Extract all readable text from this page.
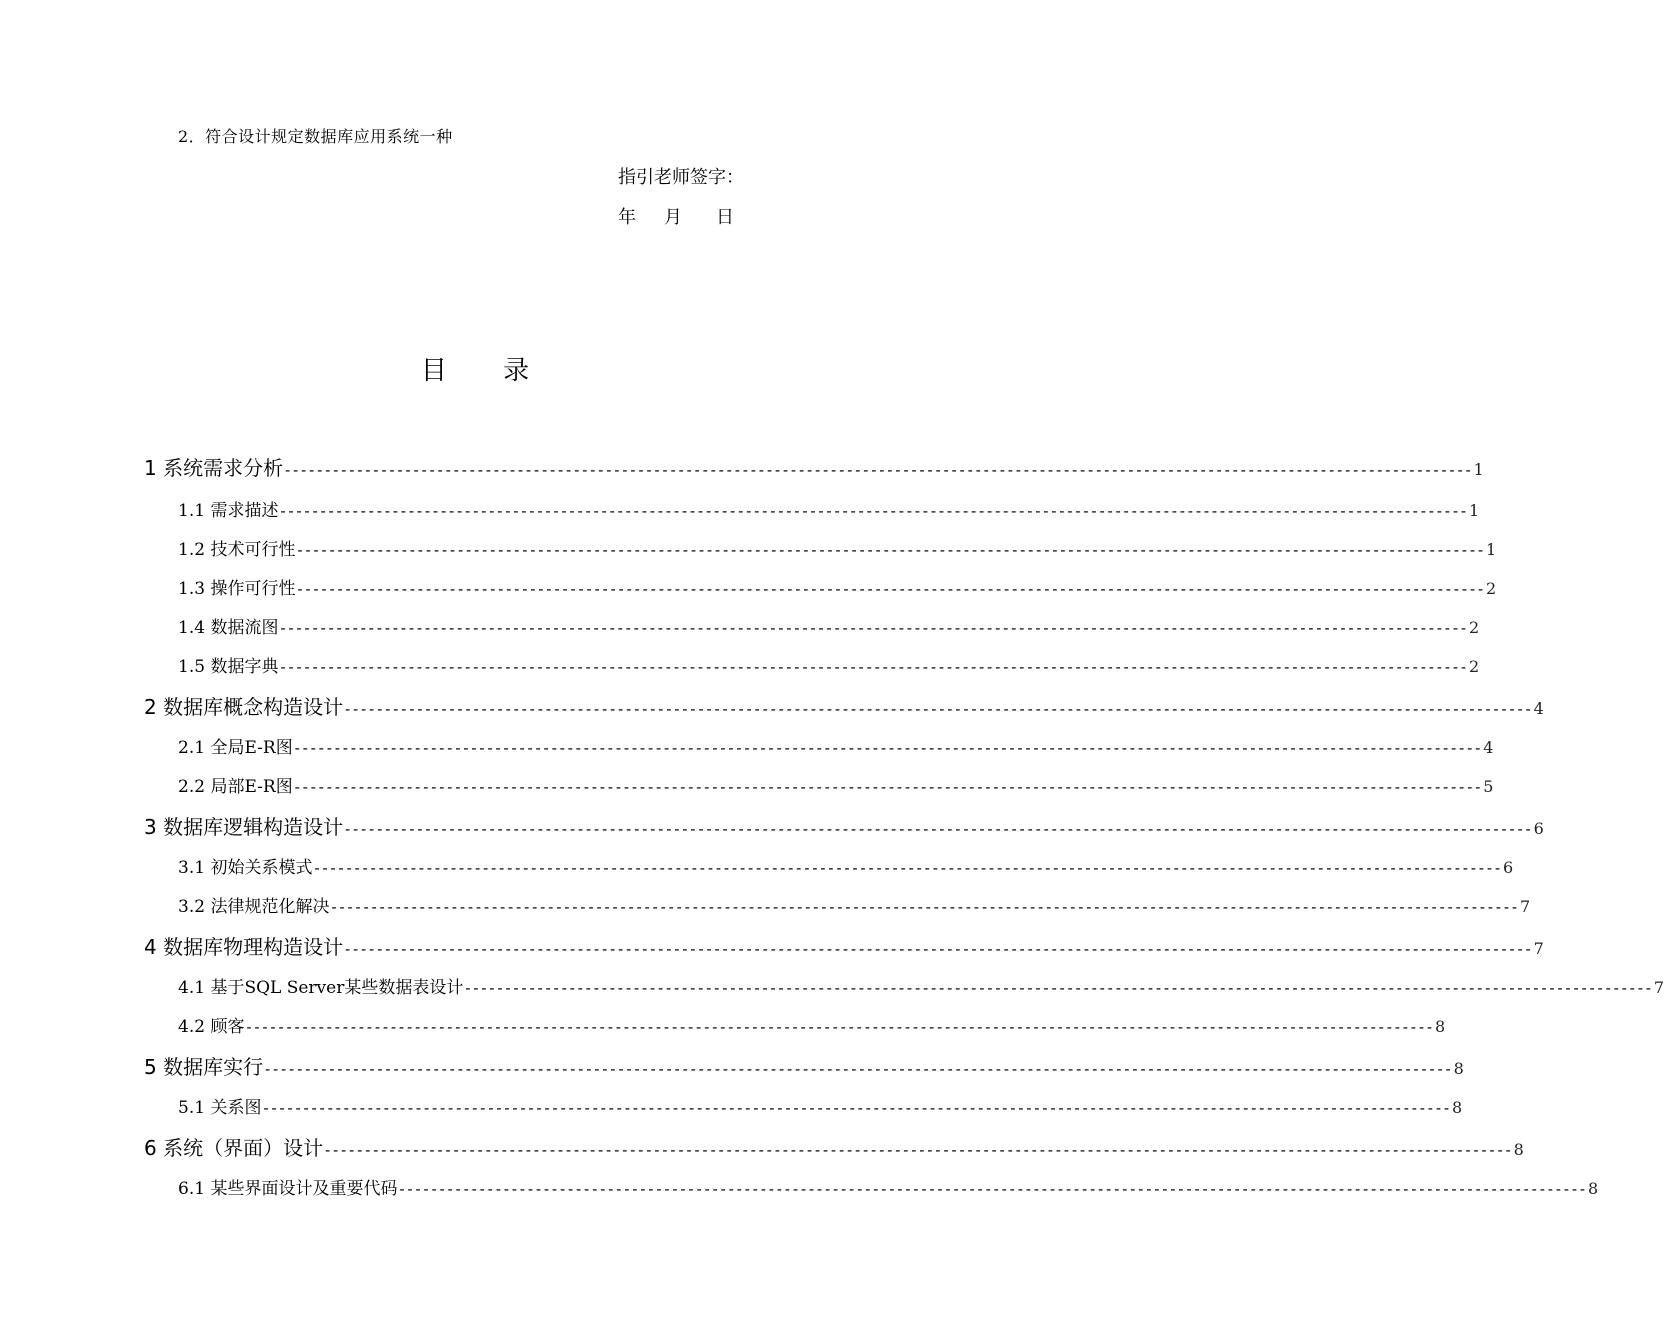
2．符合设计规定数据库应用系统一种
指引老师签字：
年	月	日
目 录
1 系统需求分析 ---------------------------------------------------------------------------------------------------------------------------------------------------- 1
1.1 需求描述 ---------------------------------------------------------------------------------------------------------------------------------------------------- 1
1.2 技术可行性 ---------------------------------------------------------------------------------------------------------------------------------------------------- 1
1.3 操作可行性 ---------------------------------------------------------------------------------------------------------------------------------------------------- 2
1.4 数据流图 ---------------------------------------------------------------------------------------------------------------------------------------------------- 2
1.5 数据字典 ---------------------------------------------------------------------------------------------------------------------------------------------------- 2
2 数据库概念构造设计 ---------------------------------------------------------------------------------------------------------------------------------------------------- 4
2.1 全局E-R图 ---------------------------------------------------------------------------------------------------------------------------------------------------- 4
2.2 局部E-R图 ---------------------------------------------------------------------------------------------------------------------------------------------------- 5
3 数据库逻辑构造设计 ---------------------------------------------------------------------------------------------------------------------------------------------------- 6
3.1 初始关系模式 ---------------------------------------------------------------------------------------------------------------------------------------------------- 6
3.2 法律规范化解决 ---------------------------------------------------------------------------------------------------------------------------------------------------- 7
4 数据库物理构造设计 ---------------------------------------------------------------------------------------------------------------------------------------------------- 7
4.1 基于SQL Server某些数据表设计 ---------------------------------------------------------------------------------------------------------------------------------------------------- 7
4.2 顾客 ---------------------------------------------------------------------------------------------------------------------------------------------------- 8
5 数据库实行 ---------------------------------------------------------------------------------------------------------------------------------------------------- 8
5.1 关系图 ---------------------------------------------------------------------------------------------------------------------------------------------------- 8
6 系统（界面）设计 ---------------------------------------------------------------------------------------------------------------------------------------------------- 8
6.1 某些界面设计及重要代码 ---------------------------------------------------------------------------------------------------------------------------------------------------- 8
